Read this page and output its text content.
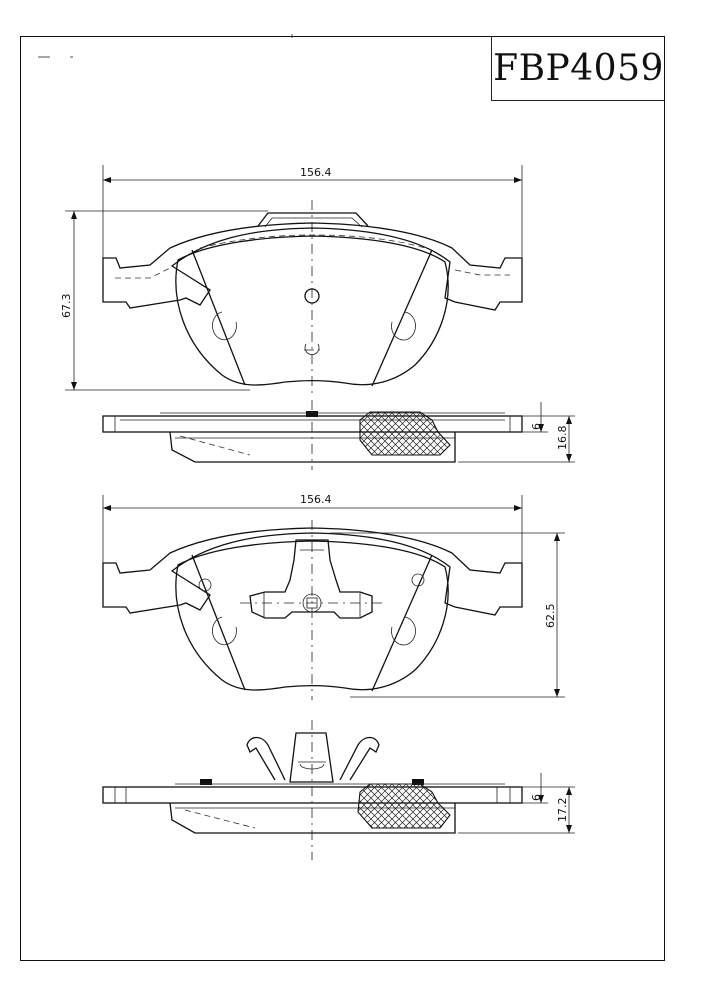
FBP4059
156.4
67.3
6 16.8
156.4
62.5
6 17.2
